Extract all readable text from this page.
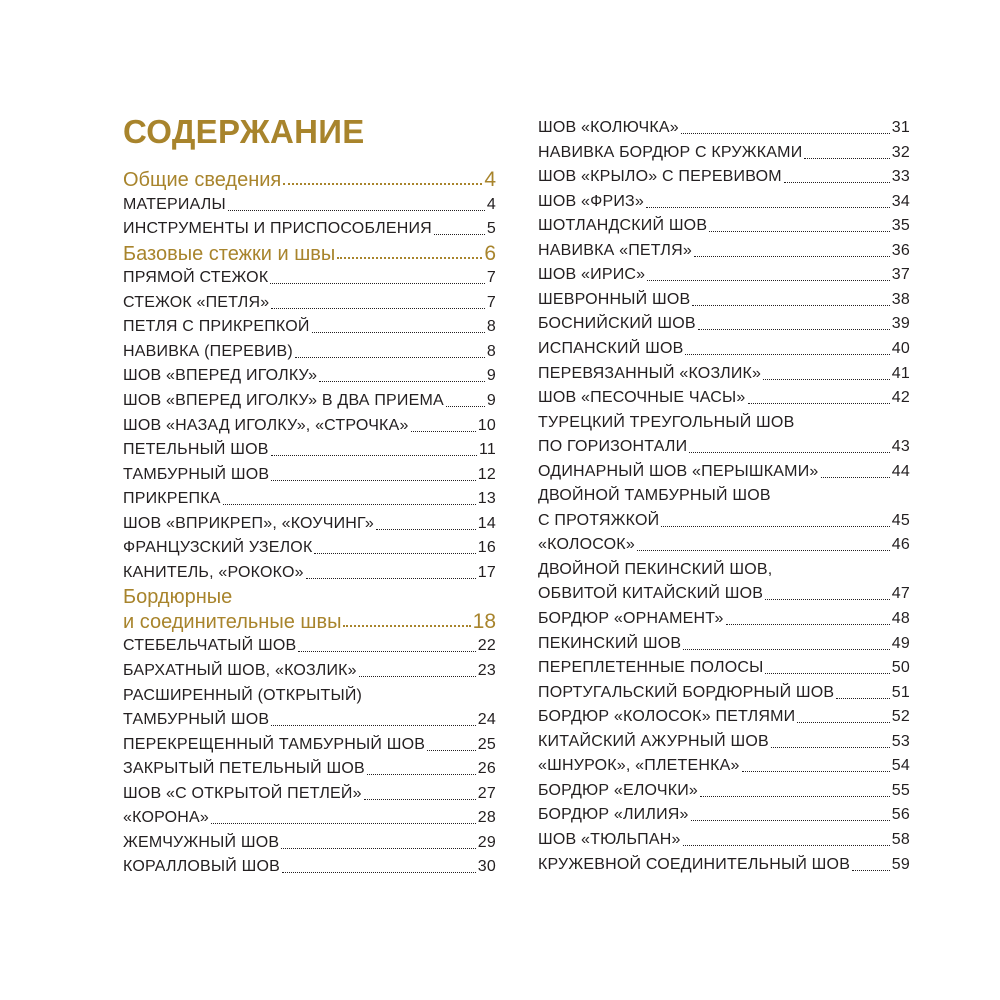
СОДЕРЖАНИЕ
Общие сведения	4
МАТЕРИАЛЫ	4
ИНСТРУМЕНТЫ И ПРИСПОСОБЛЕНИЯ	5
Базовые стежки и швы	6
ПРЯМОЙ СТЕЖОК	7
СТЕЖОК «ПЕТЛЯ»	7
ПЕТЛЯ С ПРИКРЕПКОЙ	8
НАВИВКА (ПЕРЕВИВ)	8
ШОВ «ВПЕРЕД ИГОЛКУ»	9
ШОВ «ВПЕРЕД ИГОЛКУ» В ДВА ПРИЕМА	9
ШОВ «НАЗАД ИГОЛКУ», «СТРОЧКА»	10
ПЕТЕЛЬНЫЙ ШОВ	11
ТАМБУРНЫЙ ШОВ	12
ПРИКРЕПКА	13
ШОВ «ВПРИКРЕП», «КОУЧИНГ»	14
ФРАНЦУЗСКИЙ УЗЕЛОК	16
КАНИТЕЛЬ, «РОКОКО»	17
Бордюрные
и соединительные швы	18
СТЕБЕЛЬЧАТЫЙ ШОВ	22
БАРХАТНЫЙ ШОВ, «КОЗЛИК»	23
РАСШИРЕННЫЙ (ОТКРЫТЫЙ)
ТАМБУРНЫЙ ШОВ	24
ПЕРЕКРЕЩЕННЫЙ ТАМБУРНЫЙ ШОВ	25
ЗАКРЫТЫЙ ПЕТЕЛЬНЫЙ ШОВ	26
ШОВ «С ОТКРЫТОЙ ПЕТЛЕЙ»	27
«КОРОНА»	28
ЖЕМЧУЖНЫЙ ШОВ	29
КОРАЛЛОВЫЙ ШОВ	30
ШОВ «КОЛЮЧКА»	31
НАВИВКА БОРДЮР С КРУЖКАМИ	32
ШОВ «КРЫЛО» С ПЕРЕВИВОМ	33
ШОВ «ФРИЗ»	34
ШОТЛАНДСКИЙ ШОВ	35
НАВИВКА «ПЕТЛЯ»	36
ШОВ «ИРИС»	37
ШЕВРОННЫЙ ШОВ	38
БОСНИЙСКИЙ ШОВ	39
ИСПАНСКИЙ ШОВ	40
ПЕРЕВЯЗАННЫЙ «КОЗЛИК»	41
ШОВ «ПЕСОЧНЫЕ ЧАСЫ»	42
ТУРЕЦКИЙ ТРЕУГОЛЬНЫЙ ШОВ
ПО ГОРИЗОНТАЛИ	43
ОДИНАРНЫЙ ШОВ «ПЕРЫШКАМИ»	44
ДВОЙНОЙ ТАМБУРНЫЙ ШОВ
С ПРОТЯЖКОЙ	45
«КОЛОСОК»	46
ДВОЙНОЙ ПЕКИНСКИЙ ШОВ,
ОБВИТОЙ КИТАЙСКИЙ ШОВ	47
БОРДЮР «ОРНАМЕНТ»	48
ПЕКИНСКИЙ ШОВ	49
ПЕРЕПЛЕТЕННЫЕ ПОЛОСЫ	50
ПОРТУГАЛЬСКИЙ БОРДЮРНЫЙ ШОВ	51
БОРДЮР «КОЛОСОК» ПЕТЛЯМИ	52
КИТАЙСКИЙ АЖУРНЫЙ ШОВ	53
«ШНУРОК», «ПЛЕТЕНКА»	54
БОРДЮР «ЕЛОЧКИ»	55
БОРДЮР «ЛИЛИЯ»	56
ШОВ «ТЮЛЬПАН»	58
КРУЖЕВНОЙ СОЕДИНИТЕЛЬНЫЙ ШОВ	59
